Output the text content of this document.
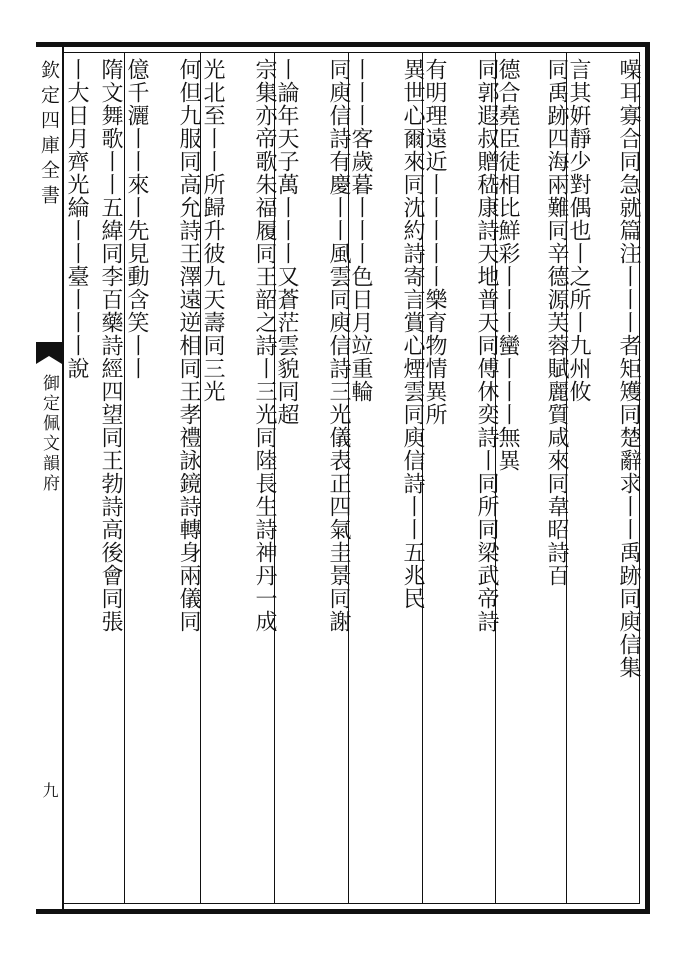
欽定四庫全書
御定佩文韻府
九
噪耳寡合同急就篇注丨丨丨者矩矱同楚辭求丨丨禹跡同庾信集
言其姸靜少對偶也丨之所丨九州攸
同禹跡四海兩難同辛德源芙蓉賦麗質咸來同韋昭詩百
德合堯臣徒相比鮮彩丨丨丨蠻丨丨丨無異
同郭遐叔贈嵇康詩天地普天同傅休奕詩丨同所同梁武帝詩
有明理遠近丨丨丨丨丨樂育物情異所
異世心爾來同沈約詩寄言賞心煙雲同庾信詩丨丨五兆民
丨丨丨客歲暮丨丨丨色日月竝重輪
同庾信詩有慶丨丨風雲同庾信詩三光儀表正四氣圭景同謝
丨論年天子萬丨丨丨又蒼茫雲貌同超
宗集亦帝歌朱福履同王韶之詩丨三光同陸長生詩神丹一成
光北至丨丨所歸升彼九天壽同三光
何但九服同高允詩王澤遠逆相同王孝禮詠鏡詩轉身兩儀同
億千灑丨丨來丨先見動含笑丨丨
隋文舞歌丨丨五緯同李百藥詩經四望同王勃詩高後會同張
丨大日月齊光綸丨丨臺丨丨丨說
